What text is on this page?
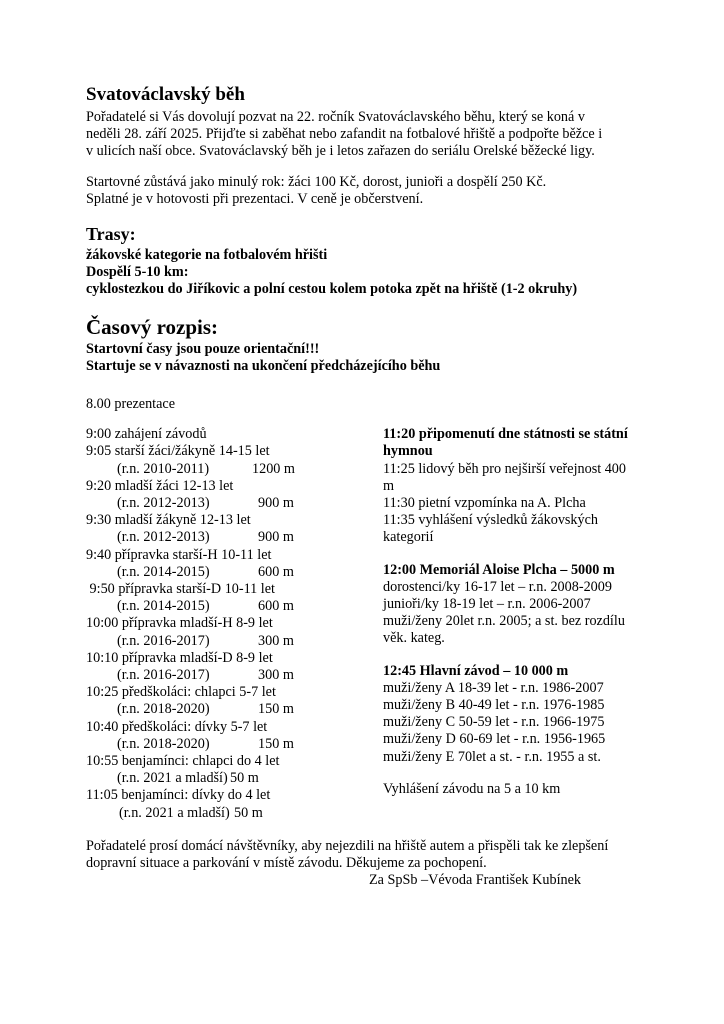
Svatováclavský běh

Pořadatelé si Vás dovolují pozvat na 22. ročník Svatováclavského běhu, který se koná v

neděli 28. září 2025. Přijďte si zaběhat nebo zafandit na fotbalové hřiště a podpořte běžce i

v ulicích naší obce. Svatováclavský běh je i letos zařazen do seriálu Orelské běžecké ligy.

Startovné zůstává jako minulý rok: žáci 100 Kč, dorost, junioři a dospělí 250 Kč.

Splatné je v hotovosti při prezentaci. V ceně je občerstvení.

Trasy:

žákovské kategorie na fotbalovém hřišti

Dospělí 5-10 km:

cyklostezkou do Jiříkovic a polní cestou kolem potoka zpět na hřiště (1-2 okruhy)

Časový rozpis:

Startovní časy jsou pouze orientační!!!

Startuje se v návaznosti na ukončení předcházejícího běhu

8.00 prezentace

9:00 zahájení závodů

9:05 starší žáci/žákyně 14-15 let

(r.n. 2010-2011)	1200 m

9:20 mladší žáci 12-13 let

(r.n. 2012-2013)	900 m

9:30 mladší žákyně 12-13 let

(r.n. 2012-2013)	900 m

9:40 přípravka starší-H 10-11 let

(r.n. 2014-2015)	600 m

9:50 přípravka starší-D 10-11 let

(r.n. 2014-2015)	600 m

10:00 přípravka mladší-H 8-9 let

(r.n. 2016-2017)	300 m

10:10 přípravka mladší-D 8-9 let

(r.n. 2016-2017)	300 m

10:25 předškoláci: chlapci 5-7 let

(r.n. 2018-2020)	150 m

10:40 předškoláci: dívky 5-7 let

(r.n. 2018-2020)	150 m

10:55 benjamínci: chlapci do 4 let

(r.n. 2021 a mladší) 50 m

11:05 benjamínci: dívky do 4 let

(r.n. 2021 a mladší) 50 m

11:20 připomenutí dne státnosti se státní

hymnou

11:25 lidový běh pro nejširší veřejnost 400

m

11:30 pietní vzpomínka na A. Plcha

11:35 vyhlášení výsledků žákovských

kategorií

12:00 Memoriál Aloise Plcha – 5000 m

dorostenci/ky 16-17 let – r.n. 2008-2009

junioři/ky 18-19 let – r.n. 2006-2007

muži/ženy 20let r.n. 2005; a st. bez rozdílu

věk. kateg.

12:45 Hlavní závod – 10 000 m

muži/ženy A 18-39 let - r.n. 1986-2007

muži/ženy B 40-49 let - r.n. 1976-1985

muži/ženy C 50-59 let - r.n. 1966-1975

muži/ženy D 60-69 let - r.n. 1956-1965

muži/ženy E 70let a st. - r.n. 1955 a st.

Vyhlášení závodu na 5 a 10 km

Pořadatelé prosí domácí návštěvníky, aby nejezdili na hřiště autem a přispěli tak ke zlepšení

dopravní situace a parkování v místě závodu. Děkujeme za pochopení.

Za SpSb –Vévoda František Kubínek
